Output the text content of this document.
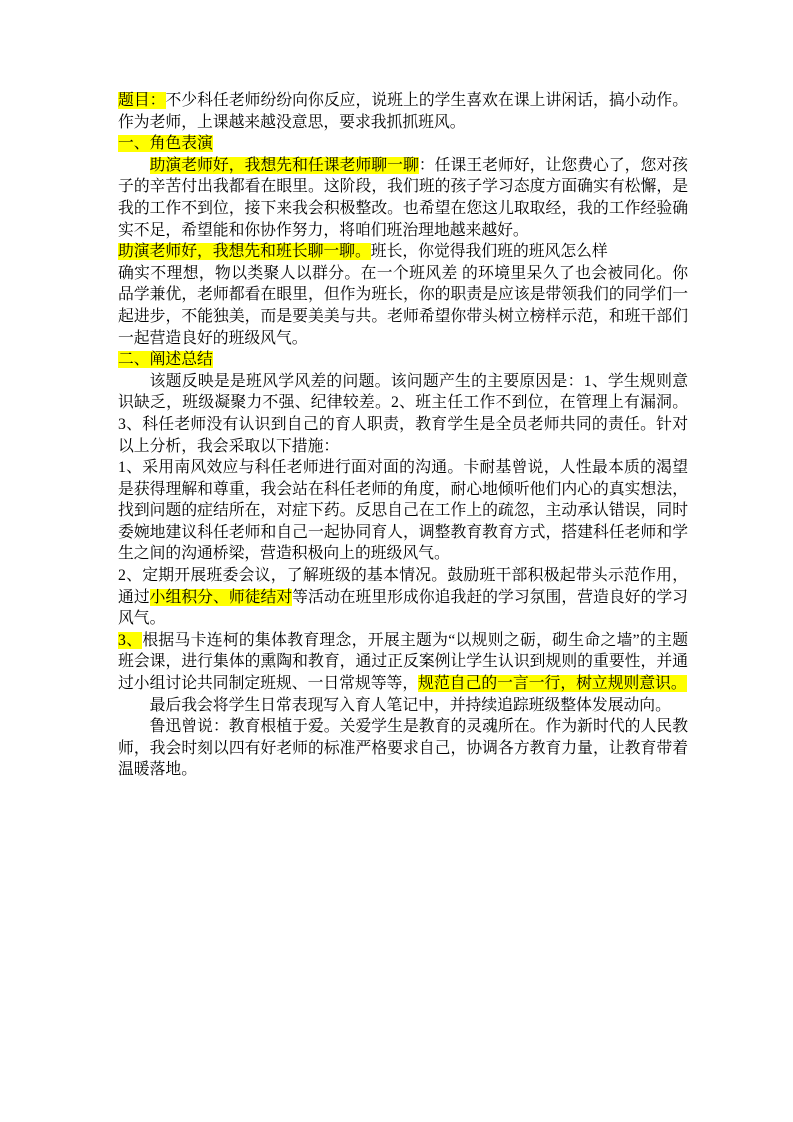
题目：不少科任老师纷纷向你反应，说班上的学生喜欢在课上讲闲话，搞小动作。作为老师，上课越来越没意思，要求我抓抓班风。

一、角色表演

助演老师好，我想先和任课老师聊一聊：任课王老师好，让您费心了，您对孩子的辛苦付出我都看在眼里。这阶段，我们班的孩子学习态度方面确实有松懈，是我的工作不到位，接下来我会积极整改。也希望在您这儿取取经，我的工作经验确实不足，希望能和你协作努力，将咱们班治理地越来越好。

助演老师好，我想先和班长聊一聊。班长，你觉得我们班的班风怎么样

确实不理想，物以类聚人以群分。在一个班风差 的环境里呆久了也会被同化。你品学兼优，老师都看在眼里，但作为班长，你的职责是应该是带领我们的同学们一起进步，不能独美，而是要美美与共。老师希望你带头树立榜样示范，和班干部们一起营造良好的班级风气。

二、阐述总结

该题反映是是班风学风差的问题。该问题产生的主要原因是：1、学生规则意识缺乏，班级凝聚力不强、纪律较差。2、班主任工作不到位，在管理上有漏洞。3、科任老师没有认识到自己的育人职责，教育学生是全员老师共同的责任。针对以上分析，我会采取以下措施：

1、采用南风效应与科任老师进行面对面的沟通。卡耐基曾说，人性最本质的渴望是获得理解和尊重，我会站在科任老师的角度，耐心地倾听他们内心的真实想法，找到问题的症结所在，对症下药。反思自己在工作上的疏忽，主动承认错误，同时委婉地建议科任老师和自己一起协同育人，调整教育教育方式，搭建科任老师和学生之间的沟通桥梁，营造积极向上的班级风气。

2、定期开展班委会议，了解班级的基本情况。鼓励班干部积极起带头示范作用，通过小组积分、师徒结对等活动在班里形成你追我赶的学习氛围，营造良好的学习风气。

3、根据马卡连柯的集体教育理念，开展主题为“以规则之砺，砌生命之墙”的主题班会课，进行集体的熏陶和教育，通过正反案例让学生认识到规则的重要性，并通过小组讨论共同制定班规、一日常规等等，规范自己的一言一行，树立规则意识。

最后我会将学生日常表现写入育人笔记中，并持续追踪班级整体发展动向。

鲁迅曾说：教育根植于爱。关爱学生是教育的灵魂所在。作为新时代的人民教师，我会时刻以四有好老师的标准严格要求自己，协调各方教育力量，让教育带着温暖落地。
